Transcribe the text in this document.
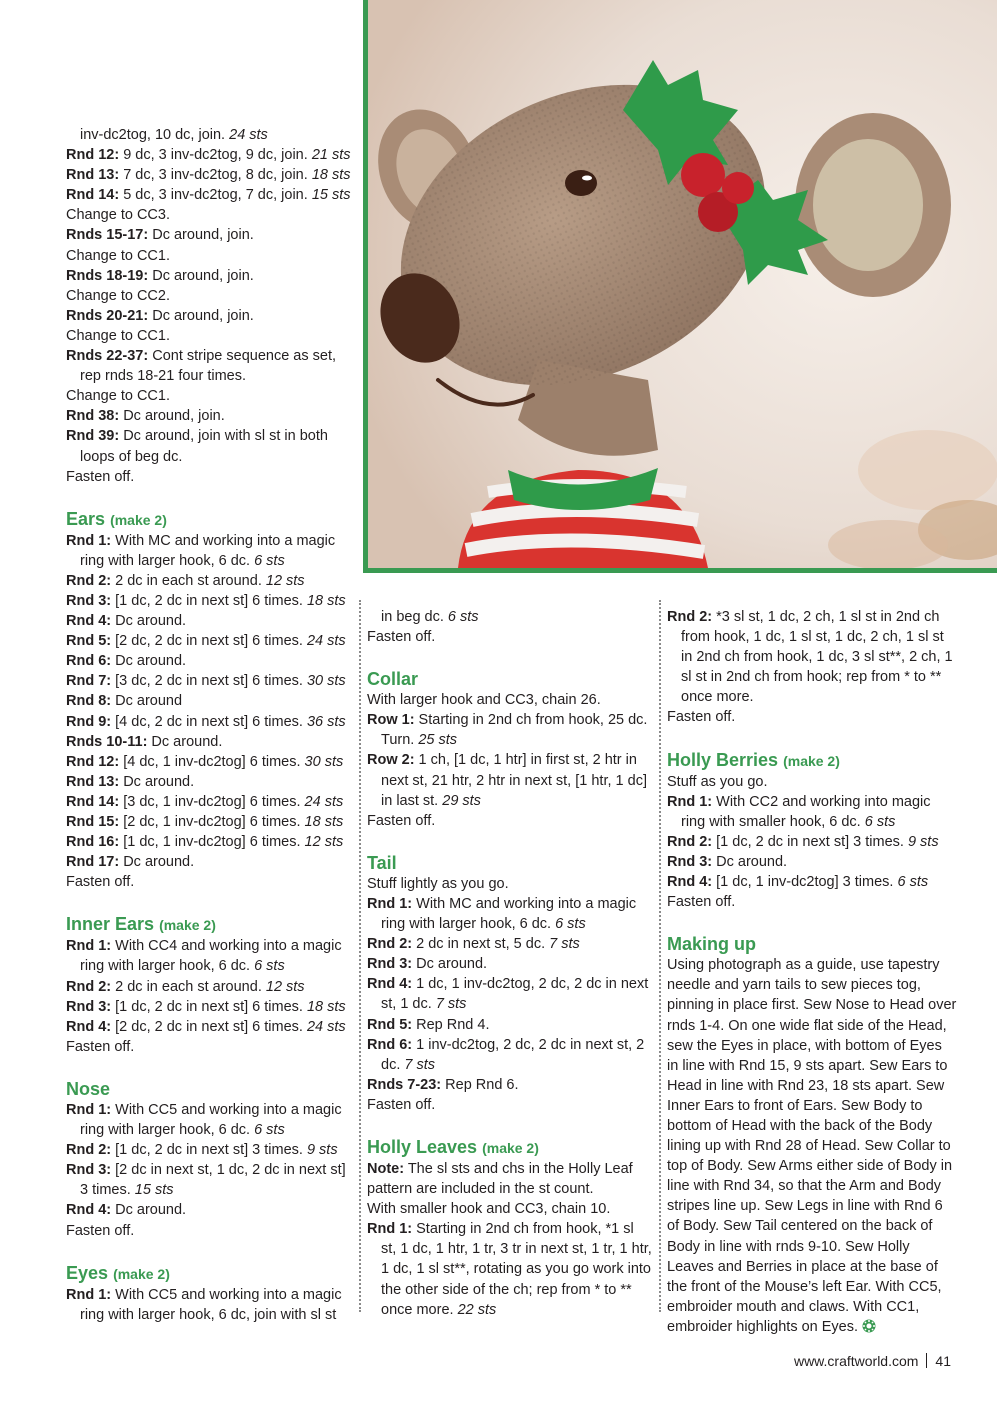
inv-dc2tog, 10 dc, join. 24 sts

Rnd 12: 9 dc, 3 inv-dc2tog, 9 dc, join. 21 sts

Rnd 13: 7 dc, 3 inv-dc2tog, 8 dc, join. 18 sts

Rnd 14: 5 dc, 3 inv-dc2tog, 7 dc, join. 15 sts

Change to CC3.

Rnds 15-17: Dc around, join.

Change to CC1.

Rnds 18-19: Dc around, join.

Change to CC2.

Rnds 20-21: Dc around, join.

Change to CC1.

Rnds 22-37: Cont stripe sequence as set, rep rnds 18-21 four times.

Change to CC1.

Rnd 38: Dc around, join.

Rnd 39: Dc around, join with sl st in both loops of beg dc.

Fasten off.

Ears (make 2)

Rnd 1: With MC and working into a magic ring with larger hook, 6 dc. 6 sts

Rnd 2: 2 dc in each st around. 12 sts

Rnd 3: [1 dc, 2 dc in next st] 6 times. 18 sts

Rnd 4: Dc around.

Rnd 5: [2 dc, 2 dc in next st] 6 times. 24 sts

Rnd 6: Dc around.

Rnd 7: [3 dc, 2 dc in next st] 6 times. 30 sts

Rnd 8: Dc around

Rnd 9: [4 dc, 2 dc in next st] 6 times. 36 sts

Rnds 10-11: Dc around.

Rnd 12: [4 dc, 1 inv-dc2tog] 6 times. 30 sts

Rnd 13: Dc around.

Rnd 14: [3 dc, 1 inv-dc2tog] 6 times. 24 sts

Rnd 15: [2 dc, 1 inv-dc2tog] 6 times. 18 sts

Rnd 16: [1 dc, 1 inv-dc2tog] 6 times. 12 sts

Rnd 17: Dc around.

Fasten off.

Inner Ears (make 2)

Rnd 1: With CC4 and working into a magic ring with larger hook, 6 dc. 6 sts

Rnd 2: 2 dc in each st around. 12 sts

Rnd 3: [1 dc, 2 dc in next st] 6 times. 18 sts

Rnd 4: [2 dc, 2 dc in next st] 6 times. 24 sts

Fasten off.

Nose

Rnd 1: With CC5 and working into a magic ring with larger hook, 6 dc. 6 sts

Rnd 2: [1 dc, 2 dc in next st] 3 times. 9 sts

Rnd 3: [2 dc in next st, 1 dc, 2 dc in next st] 3 times. 15 sts

Rnd 4: Dc around.

Fasten off.

Eyes (make 2)

Rnd 1: With CC5 and working into a magic ring with larger hook, 6 dc, join with sl st

in beg dc. 6 sts

Fasten off.

Collar

With larger hook and CC3, chain 26.

Row 1: Starting in 2nd ch from hook, 25 dc. Turn. 25 sts

Row 2: 1 ch, [1 dc, 1 htr] in first st, 2 htr in next st, 21 htr, 2 htr in next st, [1 htr, 1 dc] in last st. 29 sts

Fasten off.

Tail

Stuff lightly as you go.

Rnd 1: With MC and working into a magic ring with larger hook, 6 dc. 6 sts

Rnd 2: 2 dc in next st, 5 dc. 7 sts

Rnd 3: Dc around.

Rnd 4: 1 dc, 1 inv-dc2tog, 2 dc, 2 dc in next st, 1 dc. 7 sts

Rnd 5: Rep Rnd 4.

Rnd 6: 1 inv-dc2tog, 2 dc, 2 dc in next st, 2 dc. 7 sts

Rnds 7-23: Rep Rnd 6.

Fasten off.

Holly Leaves (make 2)

Note: The sl sts and chs in the Holly Leaf pattern are included in the st count.

With smaller hook and CC3, chain 10.

Rnd 1: Starting in 2nd ch from hook, *1 sl st, 1 dc, 1 htr, 1 tr, 3 tr in next st, 1 tr, 1 htr, 1 dc, 1 sl st**, rotating as you go work into the other side of the ch; rep from * to ** once more. 22 sts

Rnd 2: *3 sl st, 1 dc, 2 ch, 1 sl st in 2nd ch from hook, 1 dc, 1 sl st, 1 dc, 2 ch, 1 sl st in 2nd ch from hook, 1 dc, 3 sl st**, 2 ch, 1 sl st in 2nd ch from hook; rep from * to ** once more.

Fasten off.

Holly Berries (make 2)

Stuff as you go.

Rnd 1: With CC2 and working into magic ring with smaller hook, 6 dc. 6 sts

Rnd 2: [1 dc, 2 dc in next st] 3 times. 9 sts

Rnd 3: Dc around.

Rnd 4: [1 dc, 1 inv-dc2tog] 3 times. 6 sts

Fasten off.

Making up

Using photograph as a guide, use tapestry needle and yarn tails to sew pieces tog, pinning in place first. Sew Nose to Head over rnds 1-4. On one wide flat side of the Head, sew the Eyes in place, with bottom of Eyes in line with Rnd 15, 9 sts apart. Sew Ears to Head in line with Rnd 23, 18 sts apart. Sew Inner Ears to front of Ears. Sew Body to bottom of Head with the back of the Body lining up with Rnd 28 of Head. Sew Collar to top of Body. Sew Arms either side of Body in line with Rnd 34, so that the Arm and Body stripes line up. Sew Legs in line with Rnd 6 of Body. Sew Tail centered on the back of Body in line with rnds 9-10. Sew Holly Leaves and Berries in place at the base of the front of the Mouse’s left Ear. With CC5, embroider mouth and claws. With CC1, embroider highlights on Eyes.

www.craftworld.com 41
